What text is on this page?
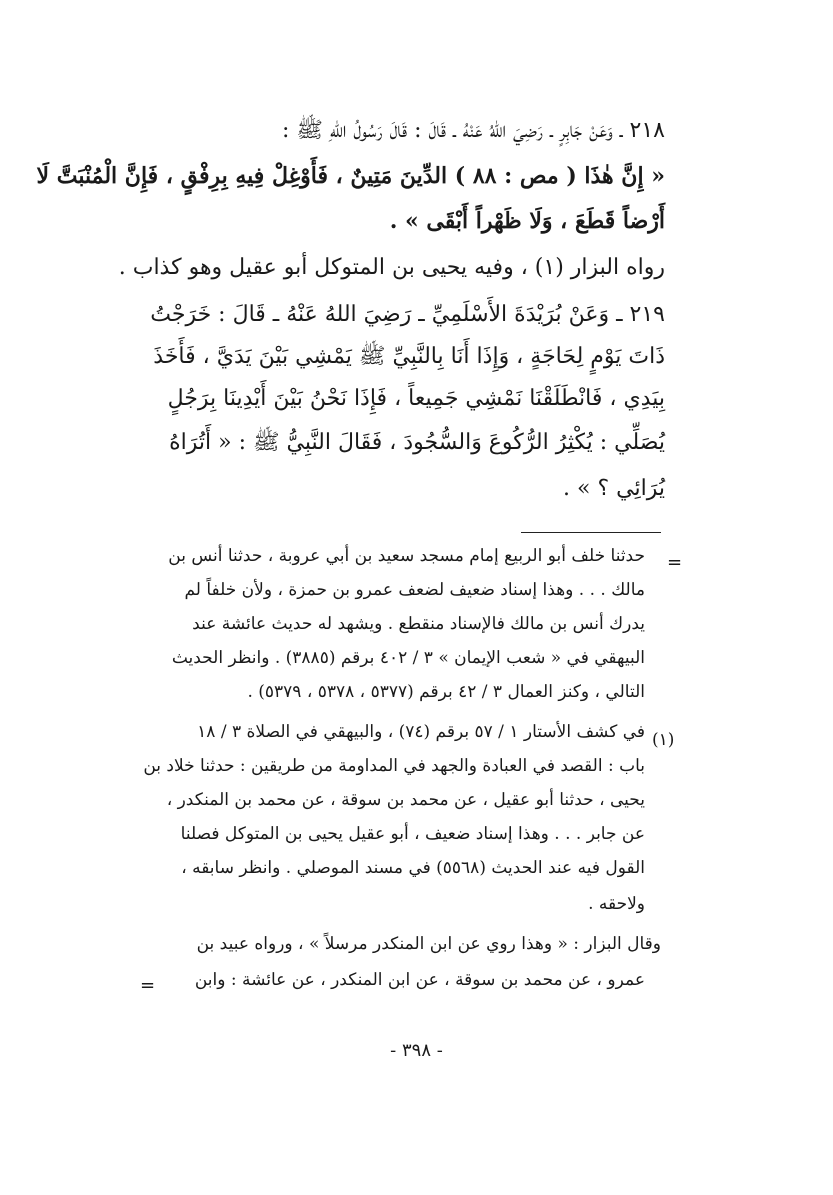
٢١٨ ـ وَعَنْ جَابِرٍ ـ رَضِيَ اللهُ عَنْهُ ـ قَالَ : قَالَ رَسُولُ اللهِ ﷺ :
« إِنَّ هٰذَا ( مص : ٨٨ ) الدِّينَ مَتِينٌ ، فَأَوْغِلْ فِيهِ بِرِفْقٍ ، فَإِنَّ الْمُنْبَتَّ لَا
أَرْضاً قَطَعَ ، وَلَا ظَهْراً أَبْقَى » .
رواه البزار (١) ، وفيه يحيى بن المتوكل أبو عقيل وهو كذاب .
٢١٩ ـ وَعَنْ بُرَيْدَةَ الأَسْلَمِيِّ ـ رَضِيَ اللهُ عَنْهُ ـ قَالَ : خَرَجْتُ
ذَاتَ يَوْمٍ لِحَاجَةٍ ، وَإِذَا أَنَا بِالنَّبِيِّ ﷺ يَمْشِي بَيْنَ يَدَيَّ ، فَأَخَذَ
بِيَدِي ، فَانْطَلَقْنَا نَمْشِي جَمِيعاً ، فَإِذَا نَحْنُ بَيْنَ أَيْدِينَا بِرَجُلٍ
يُصَلِّي : يُكْثِرُ الرُّكُوعَ وَالسُّجُودَ ، فَقَالَ النَّبِيُّ ﷺ : « أَتُرَاهُ
يُرَائِي ؟ » .
=
حدثنا خلف أبو الربيع إمام مسجد سعيد بن أبي عروبة ، حدثنا أنس بن
مالك . . . وهذا إسناد ضعيف لضعف عمرو بن حمزة ، ولأن خلفاً لم
يدرك أنس بن مالك فالإسناد منقطع . ويشهد له حديث عائشة عند
البيهقي في « شعب الإيمان » ٣ / ٤٠٢ برقم (٣٨٨٥) . وانظر الحديث
التالي ، وكنز العمال ٣ / ٤٢ برقم (٥٣٧٧ ، ٥٣٧٨ ، ٥٣٧٩) .
(١)
في كشف الأستار ١ / ٥٧ برقم (٧٤) ، والبيهقي في الصلاة ٣ / ١٨
باب : القصد في العبادة والجهد في المداومة من طريقين : حدثنا خلاد بن
يحيى ، حدثنا أبو عقيل ، عن محمد بن سوقة ، عن محمد بن المنكدر ،
عن جابر . . . وهذا إسناد ضعيف ، أبو عقيل يحيى بن المتوكل فصلنا
القول فيه عند الحديث (٥٥٦٨) في مسند الموصلي . وانظر سابقه ،
ولاحقه .
وقال البزار : « وهذا روي عن ابن المنكدر مرسلاً » ، ورواه عبيد بن
عمرو ، عن محمد بن سوقة ، عن ابن المنكدر ، عن عائشة : وابن
=
- ٣٩٨ -
